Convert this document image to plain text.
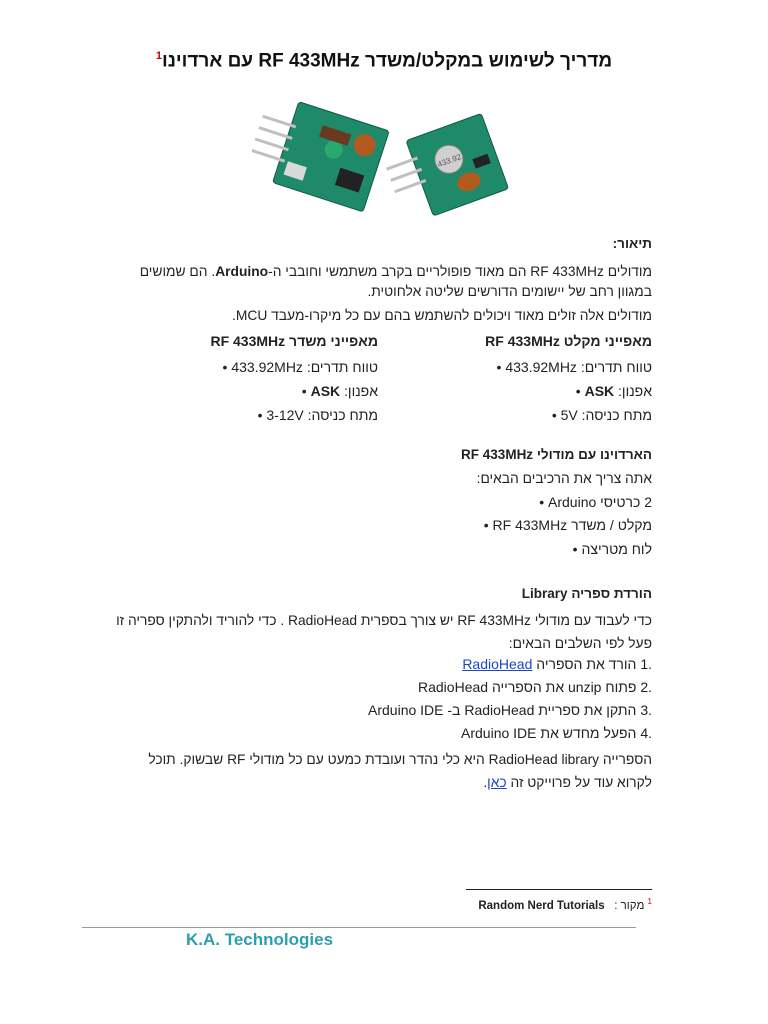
מדריך לשימוש במקלט/משדר RF 433MHz עם ארדוינו$^1$
433.92
תיאור:
מודולים RF 433MHz הם מאוד פופולריים בקרב משתמשי וחובבי ה-Arduino. הם שמושים במגוון רחב של יישומים הדורשים שליטה אלחוטית.
מודולים אלה זולים מאוד ויכולים להשתמש בהם עם כל מיקרו-מעבד MCU.
מאפייני מקלט RF 433MHz
טווח תדרים: 433.92MHz •
אפנון: ASK •
מתח כניסה: 5V •
מאפייני משדר RF 433MHz
טווח תדרים: 433.92MHz •
אפנון: ASK •
מתח כניסה: 3-12V •
הארדוינו עם מודולי RF 433MHz
אתה צריך את הרכיבים הבאים:
2 כרטיסי Arduino •
מקלט / משדר RF 433MHz •
לוח מטריצה •
הורדת ספריה Library
כדי לעבוד עם מודולי RF 433MHz יש צורך בספרית RadioHead . כדי להוריד ולהתקין ספריה זו פעל לפי השלבים הבאים:
.1 הורד את הספריה RadioHead
.2 פתוח unzip את הספרייה RadioHead
.3 התקן את ספריית RadioHead ב- Arduino IDE
.4 הפעל מחדש את Arduino IDE
הספרייה RadioHead library היא כלי נהדר ועובדת כמעט עם כל מודולי RF שבשוק. תוכל לקרוא עוד על פרוייקט זה כאן.
$^1$ מקור :   Random Nerd Tutorials
K.A. Technologies
